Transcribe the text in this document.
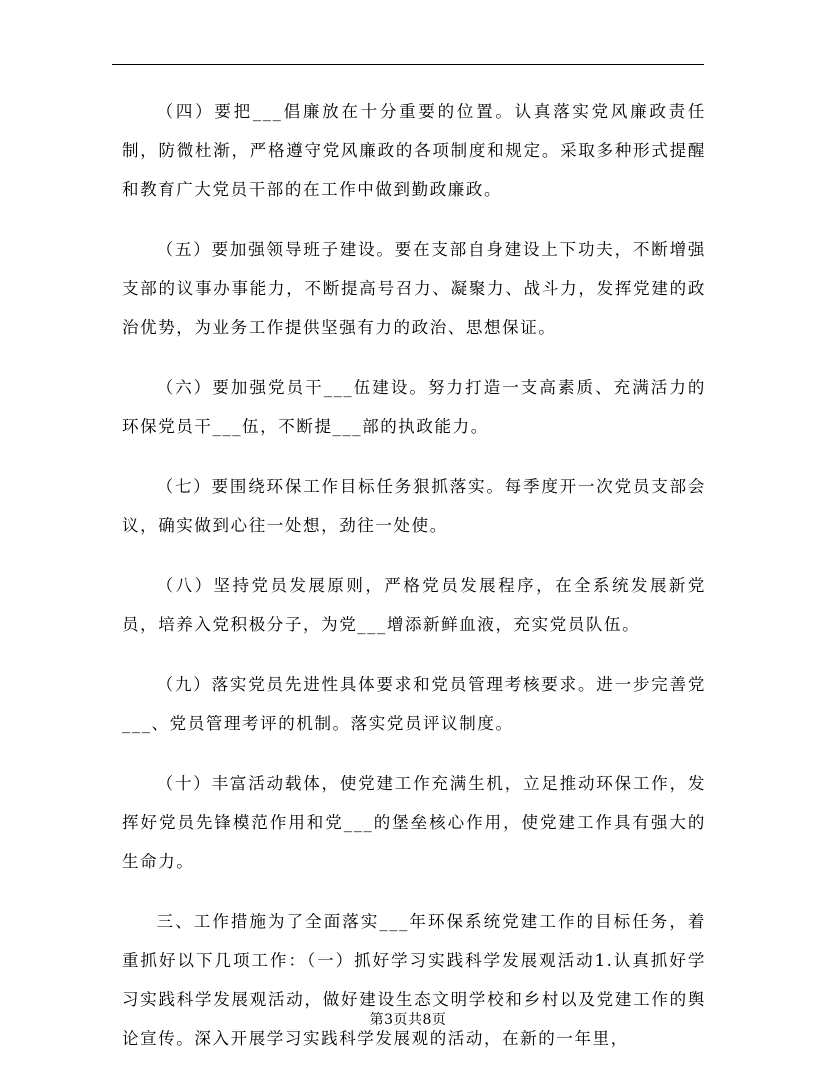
（四）要把___倡廉放在十分重要的位置。认真落实党风廉政责任制，防微杜渐，严格遵守党风廉政的各项制度和规定。采取多种形式提醒和教育广大党员干部的在工作中做到勤政廉政。

（五）要加强领导班子建设。要在支部自身建设上下功夫，不断增强支部的议事办事能力，不断提高号召力、凝聚力、战斗力，发挥党建的政治优势，为业务工作提供坚强有力的政治、思想保证。

（六）要加强党员干___伍建设。努力打造一支高素质、充满活力的环保党员干___伍，不断提___部的执政能力。

（七）要围绕环保工作目标任务狠抓落实。每季度开一次党员支部会议，确实做到心往一处想，劲往一处使。

（八）坚持党员发展原则，严格党员发展程序，在全系统发展新党员，培养入党积极分子，为党___增添新鲜血液，充实党员队伍。

（九）落实党员先进性具体要求和党员管理考核要求。进一步完善党___、党员管理考评的机制。落实党员评议制度。

（十）丰富活动载体，使党建工作充满生机，立足推动环保工作，发挥好党员先锋模范作用和党___的堡垒核心作用，使党建工作具有强大的生命力。

三、工作措施为了全面落实___年环保系统党建工作的目标任务，着重抓好以下几项工作：（一）抓好学习实践科学发展观活动1.认真抓好学习实践科学发展观活动，做好建设生态文明学校和乡村以及党建工作的舆论宣传。深入开展学习实践科学发展观的活动，在新的一年里，

第3页共8页
